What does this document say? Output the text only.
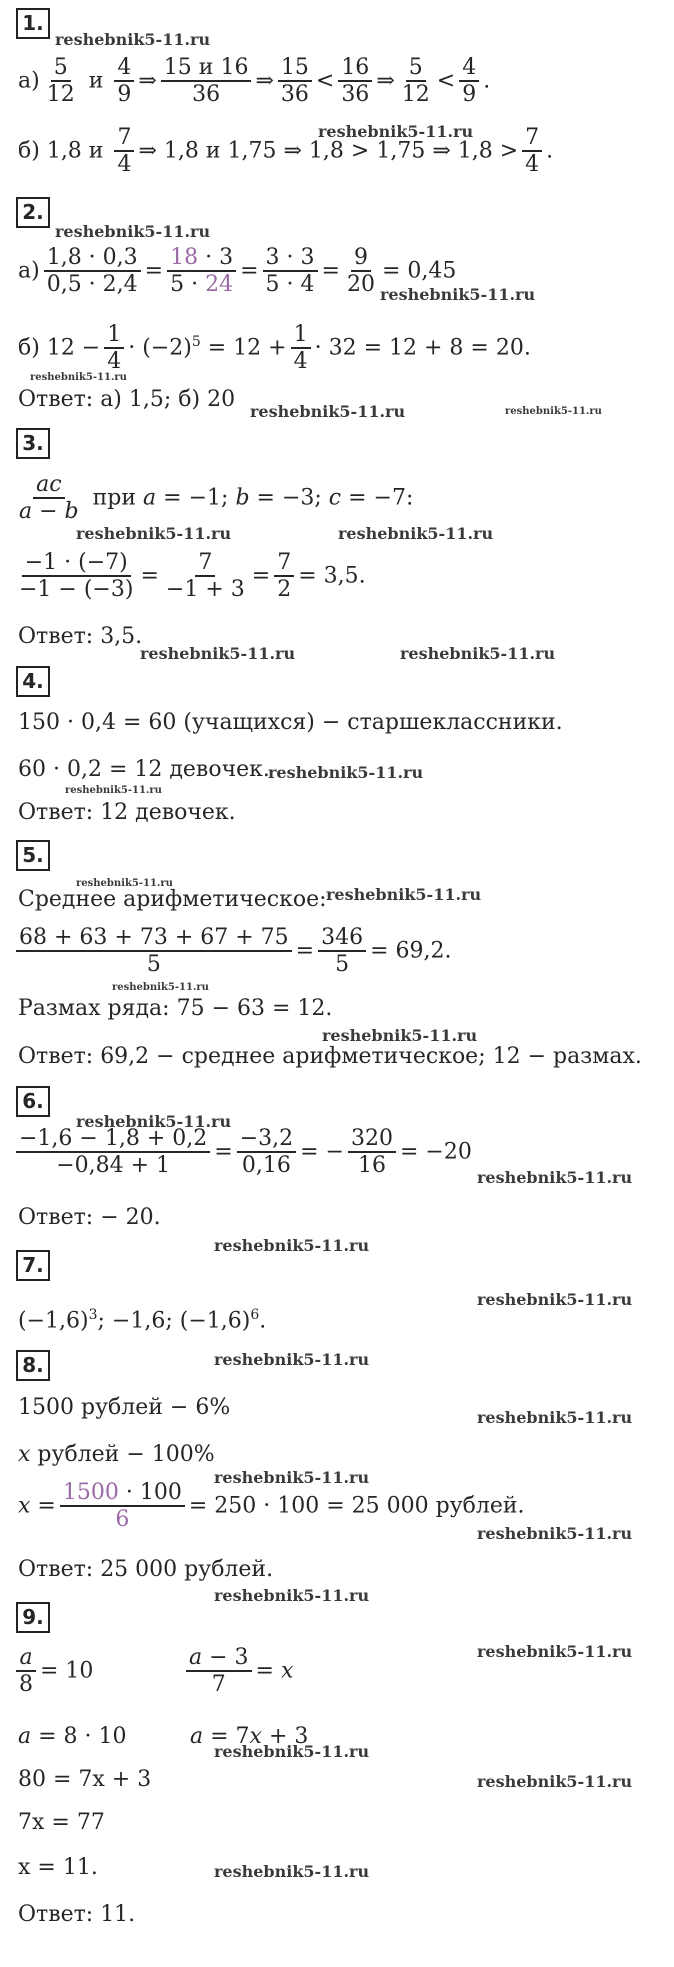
1.
$а) \frac{5}{12}$ и $\frac{4}{9}$ ⇒ $\frac{15 и 16}{36}$ ⇒ $\frac{15}{36} < \frac{16}{36}$ ⇒ $\frac{5}{12} < \frac{4}{9}$ .
б) 1,8 и $\frac{7}{4}$ ⇒ 1,8 и 1,75 ⇒ 1,8 > 1,75 ⇒ $1,8 > \frac{7}{4}$ .
2.
$а) \frac{1,8 \cdot 0,3}{0,5 \cdot 2,4} = \frac{18 \cdot 3}{5 \cdot 24} = \frac{3 \cdot 3}{5 \cdot 4} = \frac{9}{20} = 0,45$
б) $12 - \frac{1}{4} \cdot (-2)^5 = 12 + \frac{1}{4} \cdot 32 = 12 + 8 = 20$.
Ответ: а) 1,5; б) 20
3.
$\frac{ac}{a - b}$ при a = −1; b = −3; c = −7:
$\frac{-1 \cdot (-7)}{-1 - (-3)} = \frac{7}{-1 + 3} = \frac{7}{2} = 3,5$.
Ответ: 3,5.
4.
150 · 0,4 = 60 (учащихся) − старшеклассники.
60 · 0,2 = 12 девочек.
Ответ: 12 девочек.
5.
Среднее арифметическое:
$\frac{68 + 63 + 73 + 67 + 75}{5} = \frac{346}{5} = 69,2$.
Размах ряда: 75 − 63 = 12.
Ответ: 69,2 − среднее арифметическое; 12 − размах.
6.
$\frac{-1,6 - 1,8 + 0,2}{-0,84 + 1} = \frac{-3,2}{0,16}$ = − $\frac{320}{16} = -20$
Ответ: − 20.
7.
$(-1,6)^3$; −1,6; $(-1,6)^6$.
8.
1500 рублей − 6%
x рублей − 100%
$x = \frac{1500 \cdot 100}{6} = 250 \cdot 100 = 25$ 000 рублей.
Ответ: 25 000 рублей.
9.
$\frac{a}{8} = 10$	$\frac{a - 3}{7} = x$
a = 8 · 10	a = 7x + 3
80 = 7x + 3
7x = 77
x = 11.
Ответ: 11.
reshebnik5-11.ru
reshebnik5-11.ru
reshebnik5-11.ru
reshebnik5-11.ru
reshebnik5-11.ru
reshebnik5-11.ru	reshebnik5-11.ru
reshebnik5-11.ru	reshebnik5-11.ru
reshebnik5-11.ru	reshebnik5-11.ru
reshebnik5-11.ru
reshebnik5-11.ru
reshebnik5-11.ru
reshebnik5-11.ru
reshebnik5-11.ru
reshebnik5-11.ru
reshebnik5-11.ru
reshebnik5-11.ru
reshebnik5-11.ru
reshebnik5-11.ru
reshebnik5-11.ru
reshebnik5-11.ru
reshebnik5-11.ru
reshebnik5-11.ru
reshebnik5-11.ru
reshebnik5-11.ru
reshebnik5-11.ru
reshebnik5-11.ru
reshebnik5-11.ru
